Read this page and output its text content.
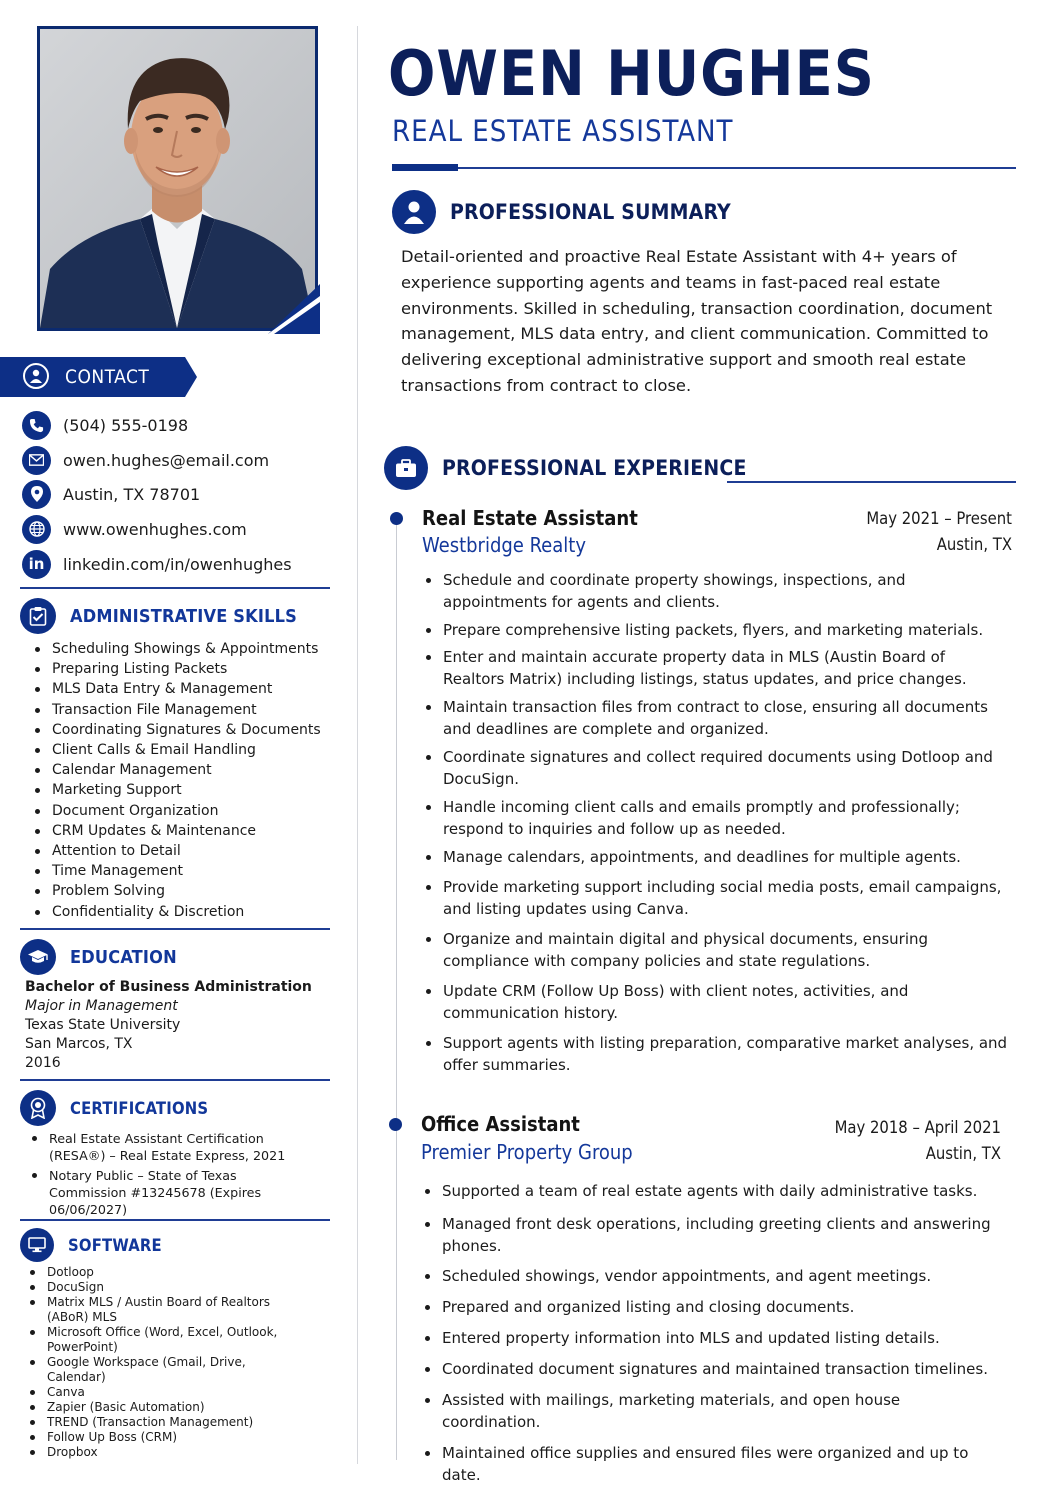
CONTACT
(504) 555-0198
owen.hughes@email.com
Austin, TX 78701
www.owenhughes.com
in linkedin.com/in/owenhughes
ADMINISTRATIVE SKILLS
Scheduling Showings & Appointments
Preparing Listing Packets
MLS Data Entry & Management
Transaction File Management
Coordinating Signatures & Documents
Client Calls & Email Handling
Calendar Management
Marketing Support
Document Organization
CRM Updates & Maintenance
Attention to Detail
Time Management
Problem Solving
Confidentiality & Discretion
EDUCATION
Bachelor of Business Administration
Major in Management
Texas State University
San Marcos, TX
2016
CERTIFICATIONS
Real Estate Assistant Certification (RESA®) – Real Estate Express, 2021
Notary Public – State of Texas Commission #13245678 (Expires 06/06/2027)
SOFTWARE
Dotloop
DocuSign
Matrix MLS / Austin Board of Realtors (ABoR) MLS
Microsoft Office (Word, Excel, Outlook, PowerPoint)
Google Workspace (Gmail, Drive, Calendar)
Canva
Zapier (Basic Automation)
TREND (Transaction Management)
Follow Up Boss (CRM)
Dropbox
OWEN HUGHES
REAL ESTATE ASSISTANT
PROFESSIONAL SUMMARY
Detail-oriented and proactive Real Estate Assistant with 4+ years of experience supporting agents and teams in fast-paced real estate environments. Skilled in scheduling, transaction coordination, document management, MLS data entry, and client communication. Committed to delivering exceptional administrative support and smooth real estate transactions from contract to close.
PROFESSIONAL EXPERIENCE
Real Estate Assistant
Westbridge Realty
May 2021 – Present
Austin, TX
Schedule and coordinate property showings, inspections, and appointments for agents and clients.
Prepare comprehensive listing packets, flyers, and marketing materials.
Enter and maintain accurate property data in MLS (Austin Board of Realtors Matrix) including listings, status updates, and price changes.
Maintain transaction files from contract to close, ensuring all documents and deadlines are complete and organized.
Coordinate signatures and collect required documents using Dotloop and DocuSign.
Handle incoming client calls and emails promptly and professionally; respond to inquiries and follow up as needed.
Manage calendars, appointments, and deadlines for multiple agents.
Provide marketing support including social media posts, email campaigns, and listing updates using Canva.
Organize and maintain digital and physical documents, ensuring compliance with company policies and state regulations.
Update CRM (Follow Up Boss) with client notes, activities, and communication history.
Support agents with listing preparation, comparative market analyses, and offer summaries.
Office Assistant
Premier Property Group
May 2018 – April 2021
Austin, TX
Supported a team of real estate agents with daily administrative tasks.
Managed front desk operations, including greeting clients and answering phones.
Scheduled showings, vendor appointments, and agent meetings.
Prepared and organized listing and closing documents.
Entered property information into MLS and updated listing details.
Coordinated document signatures and maintained transaction timelines.
Assisted with mailings, marketing materials, and open house coordination.
Maintained office supplies and ensured files were organized and up to date.
